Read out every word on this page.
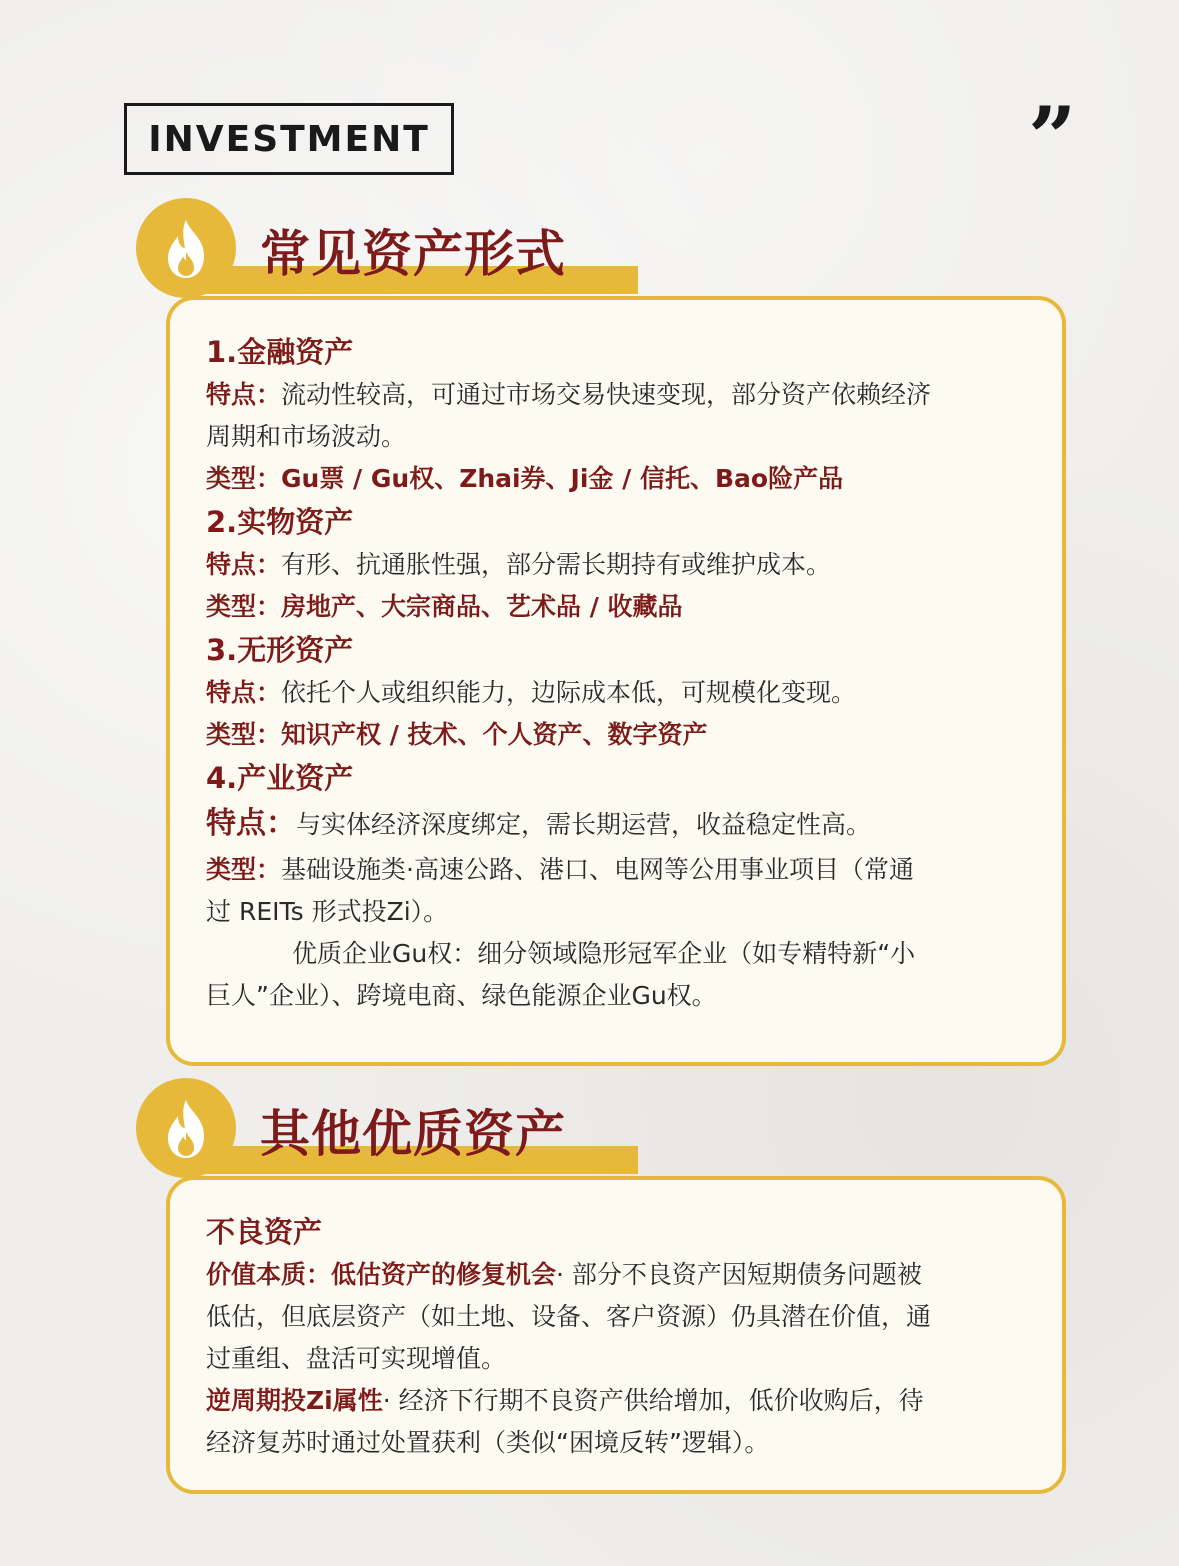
INVESTMENT	”
常见资产形式

1.金融资产

特点：流动性较高，可通过市场交易快速变现，部分资产依赖经济

周期和市场波动。

类型：Gu票 / Gu权、Zhai券、Ji金 / 信托、Bao险产品

2.实物资产

特点：有形、抗通胀性强，部分需长期持有或维护成本。

类型：房地产、大宗商品、艺术品 / 收藏品

3.无形资产

特点：依托个人或组织能力，边际成本低，可规模化变现。

类型：知识产权 / 技术、个人资产、数字资产

4.产业资产

特点：与实体经济深度绑定，需长期运营，收益稳定性高。

类型：基础设施类·高速公路、港口、电网等公用事业项目（常通

过 REITs 形式投Zi）。

优质企业Gu权：细分领域隐形冠军企业（如专精特新“小

巨人”企业）、跨境电商、绿色能源企业Gu权。

其他优质资产

不良资产

价值本质：低估资产的修复机会· 部分不良资产因短期债务问题被

低估，但底层资产（如土地、设备、客户资源）仍具潜在价值，通

过重组、盘活可实现增值。

逆周期投Zi属性· 经济下行期不良资产供给增加，低价收购后，待

经济复苏时通过处置获利（类似“困境反转”逻辑）。
